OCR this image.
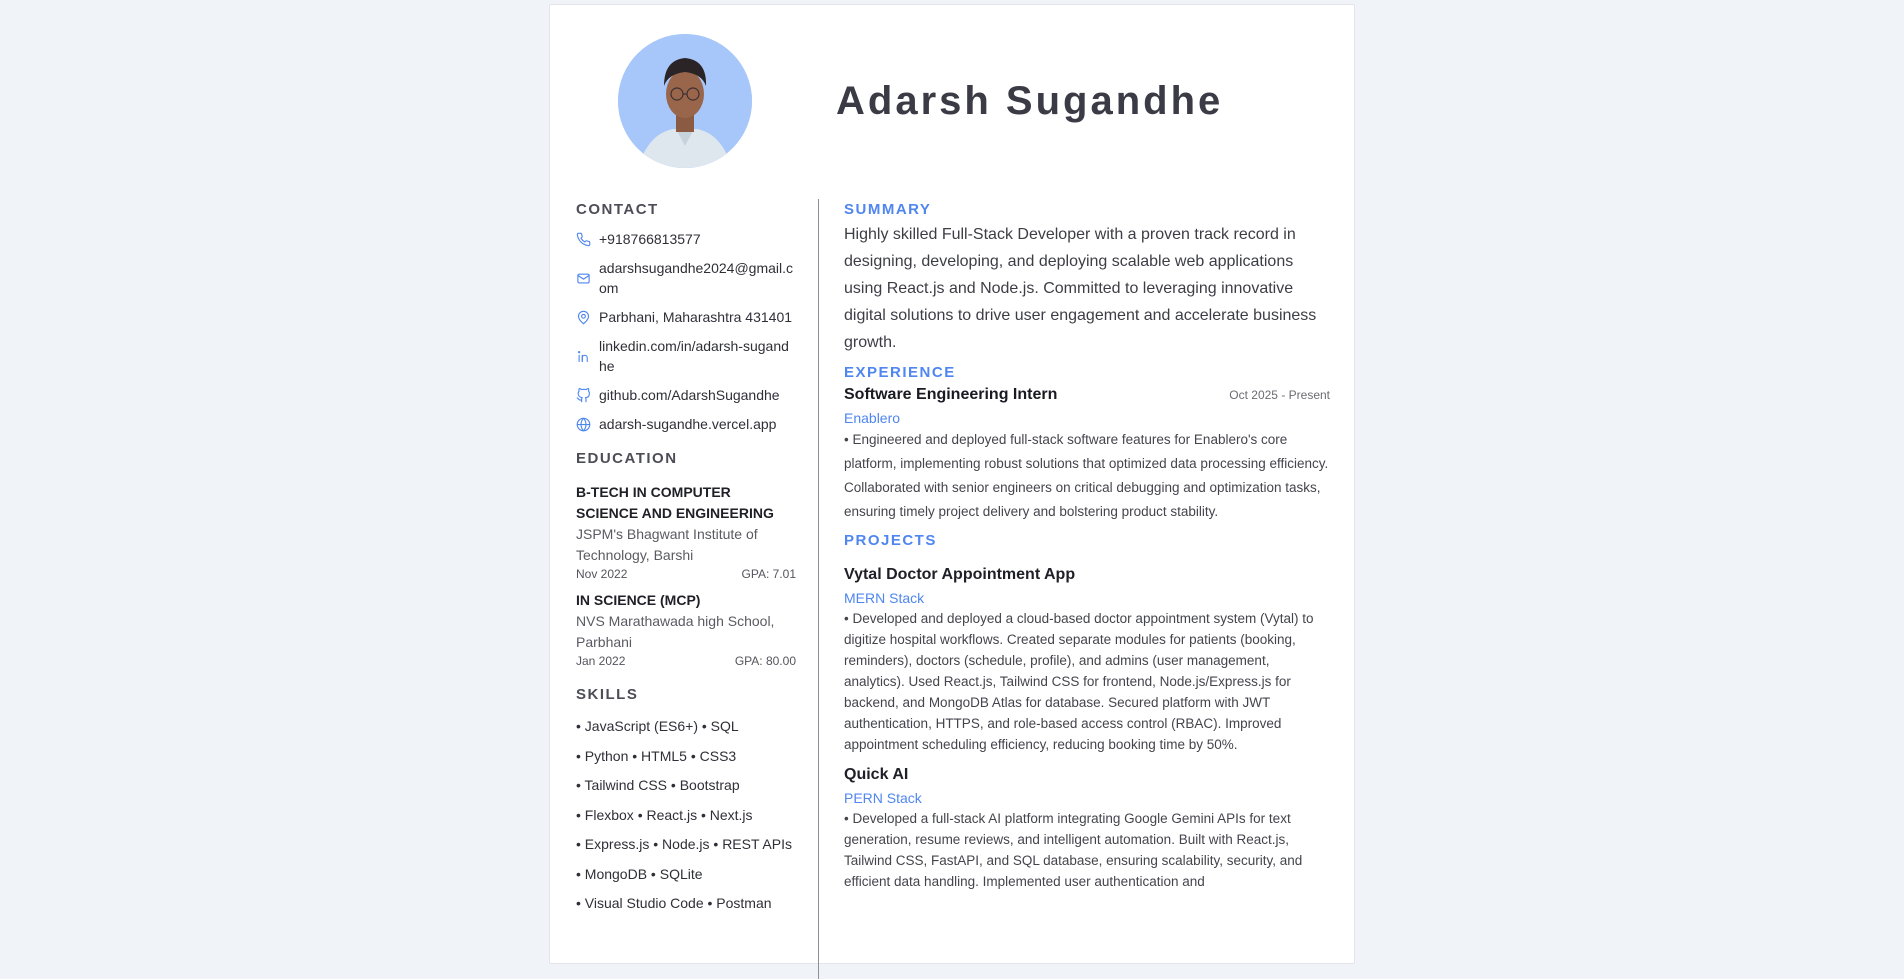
Adarsh Sugandhe
CONTACT
+918766813577
adarshsugandhe2024@gmail.com
Parbhani, Maharashtra 431401
linkedin.com/in/adarsh-sugandhe
github.com/AdarshSugandhe
adarsh-sugandhe.vercel.app
EDUCATION
B-TECH IN COMPUTER SCIENCE AND ENGINEERING
JSPM's Bhagwant Institute of Technology, Barshi
Nov 2022	GPA: 7.01
IN SCIENCE (MCP)
NVS Marathawada high School, Parbhani
Jan 2022	GPA: 80.00
SKILLS
• JavaScript (ES6+) • SQL
• Python • HTML5 • CSS3
• Tailwind CSS • Bootstrap
• Flexbox • React.js • Next.js
• Express.js • Node.js • REST APIs
• MongoDB • SQLite
• Visual Studio Code • Postman
SUMMARY

Highly skilled Full-Stack Developer with a proven track record in designing, developing, and deploying scalable web applications using React.js and Node.js. Committed to leveraging innovative digital solutions to drive user engagement and accelerate business growth.

EXPERIENCE
Software Engineering Intern	Oct 2025 - Present
Enablero

• Engineered and deployed full-stack software features for Enablero's core platform, implementing robust solutions that optimized data processing efficiency. Collaborated with senior engineers on critical debugging and optimization tasks, ensuring timely project delivery and bolstering product stability.

PROJECTS
Vytal Doctor Appointment App
MERN Stack

• Developed and deployed a cloud-based doctor appointment system (Vytal) to digitize hospital workflows. Created separate modules for patients (booking, reminders), doctors (schedule, profile), and admins (user management, analytics). Used React.js, Tailwind CSS for frontend, Node.js/Express.js for backend, and MongoDB Atlas for database. Secured platform with JWT authentication, HTTPS, and role-based access control (RBAC). Improved appointment scheduling efficiency, reducing booking time by 50%.

Quick AI
PERN Stack

• Developed a full-stack AI platform integrating Google Gemini APIs for text generation, resume reviews, and intelligent automation. Built with React.js, Tailwind CSS, FastAPI, and SQL database, ensuring scalability, security, and efficient data handling. Implemented user authentication and
